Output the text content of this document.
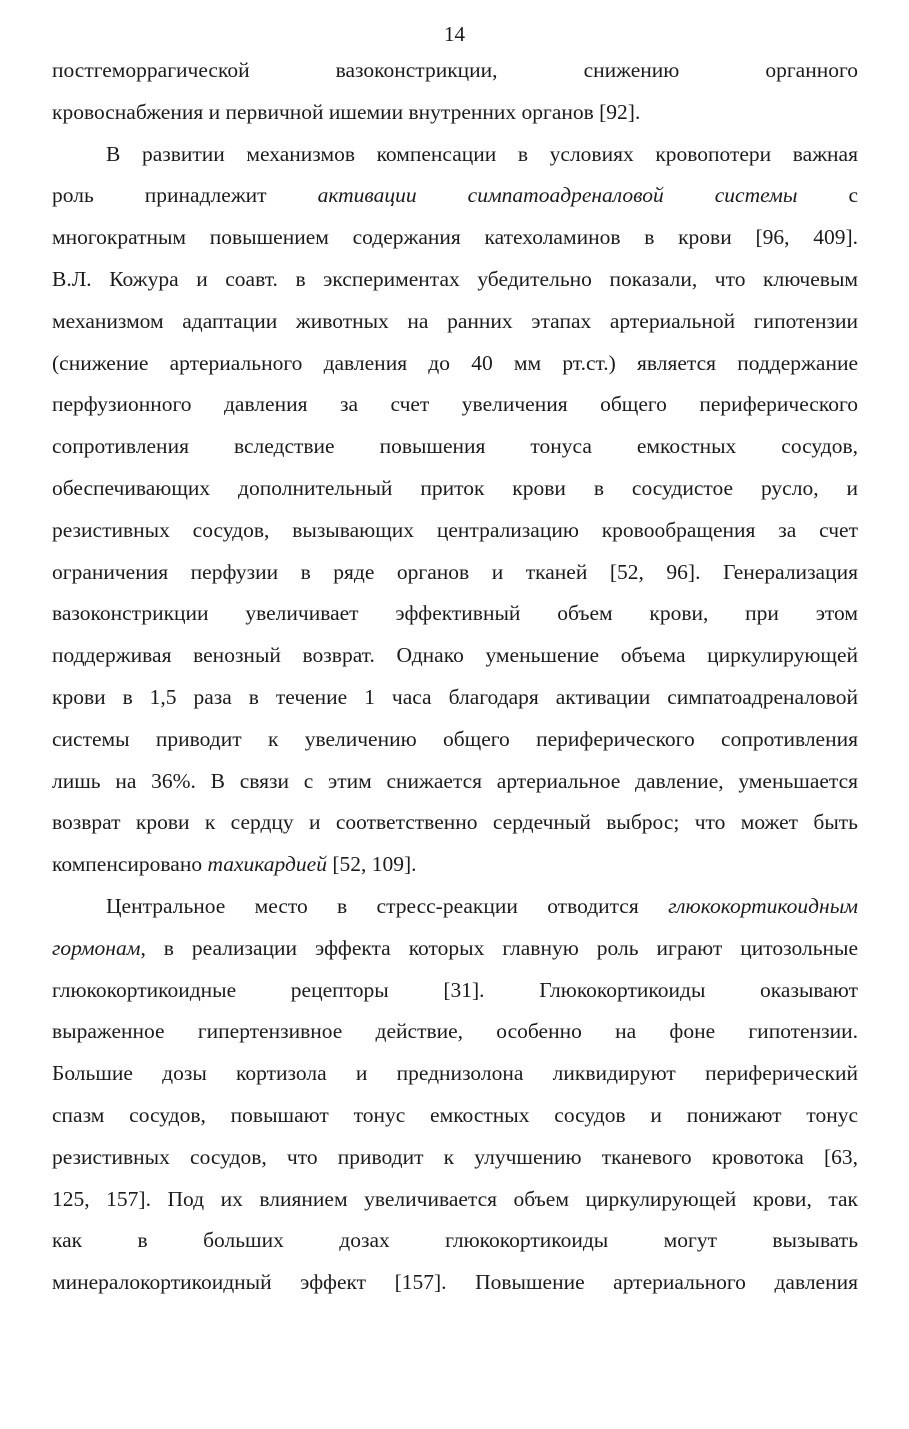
14
постгеморрагической вазоконстрикции, снижению органного
кровоснабжения и первичной ишемии внутренних органов [92].
В развитии механизмов компенсации в условиях кровопотери важная
роль принадлежит активации симпатоадреналовой системы с
многократным повышением содержания катехоламинов в крови [96, 409].
В.Л. Кожура и соавт. в экспериментах убедительно показали, что ключевым
механизмом адаптации животных на ранних этапах артериальной гипотензии
(снижение артериального давления до 40 мм рт.ст.) является поддержание
перфузионного давления за счет увеличения общего периферического
сопротивления вследствие повышения тонуса емкостных сосудов,
обеспечивающих дополнительный приток крови в сосудистое русло, и
резистивных сосудов, вызывающих централизацию кровообращения за счет
ограничения перфузии в ряде органов и тканей [52, 96]. Генерализация
вазоконстрикции увеличивает эффективный объем крови, при этом
поддерживая венозный возврат. Однако уменьшение объема циркулирующей
крови в 1,5 раза в течение 1 часа благодаря активации симпатоадреналовой
системы приводит к увеличению общего периферического сопротивления
лишь на 36%. В связи с этим снижается артериальное давление, уменьшается
возврат крови к сердцу и соответственно сердечный выброс; что может быть
компенсировано тахикардией [52, 109].
Центральное место в стресс-реакции отводится глюкокортикоидным
гормонам, в реализации эффекта которых главную роль играют цитозольные
глюкокортикоидные рецепторы [31]. Глюкокортикоиды оказывают
выраженное гипертензивное действие, особенно на фоне гипотензии.
Большие дозы кортизола и преднизолона ликвидируют периферический
спазм сосудов, повышают тонус емкостных сосудов и понижают тонус
резистивных сосудов, что приводит к улучшению тканевого кровотока [63,
125, 157]. Под их влиянием увеличивается объем циркулирующей крови, так
как в больших дозах глюкокортикоиды могут вызывать
минералокортикоидный эффект [157]. Повышение артериального давления
